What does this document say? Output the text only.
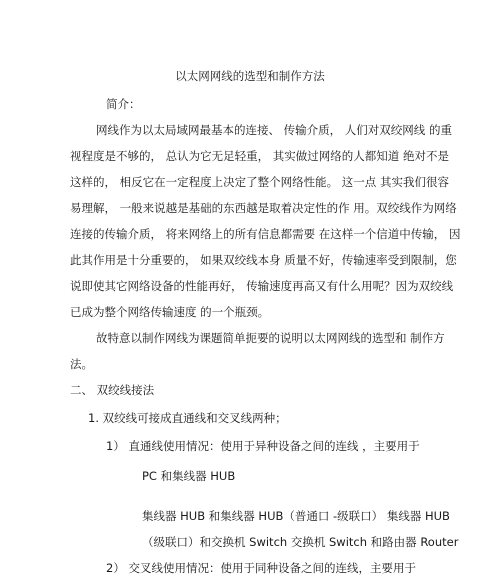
以太网网线的选型和制作方法
简介：
网线作为以太局域网最基本的连接、 传输介质， 人们对双绞网线 的重
视程度是不够的， 总认为它无足轻重， 其实做过网络的人都知道 绝对不是
这样的， 相反它在一定程度上决定了整个网络性能。 这一点 其实我们很容
易理解， 一般来说越是基础的东西越是取着决定性的作 用。双绞线作为网络
连接的传输介质， 将来网络上的所有信息都需要 在这样一个信道中传输， 因
此其作用是十分重要的， 如果双绞线本身 质量不好，传输速率受到限制，您
说即使其它网络设备的性能再好， 传输速度再高又有什么用呢？因为双绞线
已成为整个网络传输速度 的一个瓶颈。
故特意以制作网线为课题简单扼要的说明以太网网线的选型和 制作方
法。
二、 双绞线接法
1. 双绞线可接成直通线和交叉线两种；
1） 直通线使用情况：使用于异种设备之间的连线 ，主要用于
PC 和集线器 HUB
集线器 HUB 和集线器 HUB（普通口 -级联口） 集线器 HUB
（级联口）和交换机 Switch 交换机 Switch 和路由器 Router
2） 交叉线使用情况：使用于同种设备之间的连线，主要用于
